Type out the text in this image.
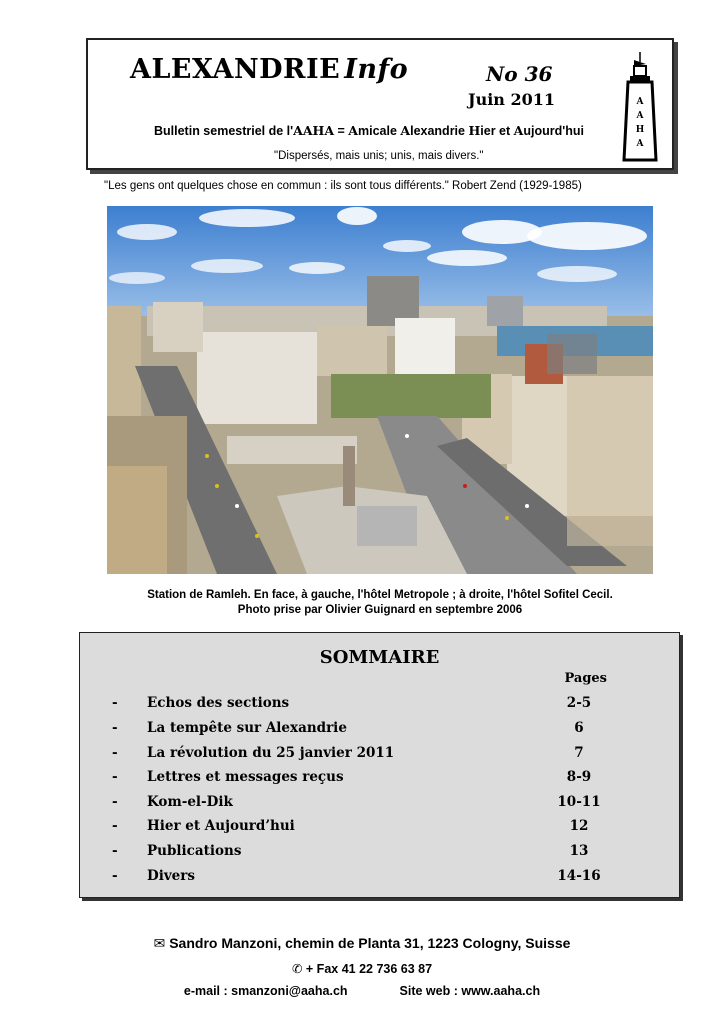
ALEXANDRIE Info	No 36
Juin 2011
Bulletin semestriel de l'AAHA = Amicale Alexandrie Hier et Aujourd'hui
"Dispersés, mais unis; unis, mais divers."
A
A
H
A
"Les gens ont quelques chose en commun : ils sont tous différents." Robert Zend (1929-1985)
Station de Ramleh. En face, à gauche, l'hôtel Metropole ; à droite, l'hôtel Sofitel Cecil.
Photo prise par Olivier Guignard en septembre 2006
SOMMAIRE
Pages
- Echos des sections	2-5
- La tempête sur Alexandrie	6
- La révolution du 25 janvier 2011	7
- Lettres et messages reçus	8-9
- Kom-el-Dik	10-11
- Hier et Aujourd’hui	12
- Publications	13
- Divers	14-16
✉ Sandro Manzoni, chemin de Planta 31, 1223 Cologny, Suisse
✆ + Fax 41 22 736 63 87
e-mail : smanzoni@aaha.ch	Site web : www.aaha.ch
